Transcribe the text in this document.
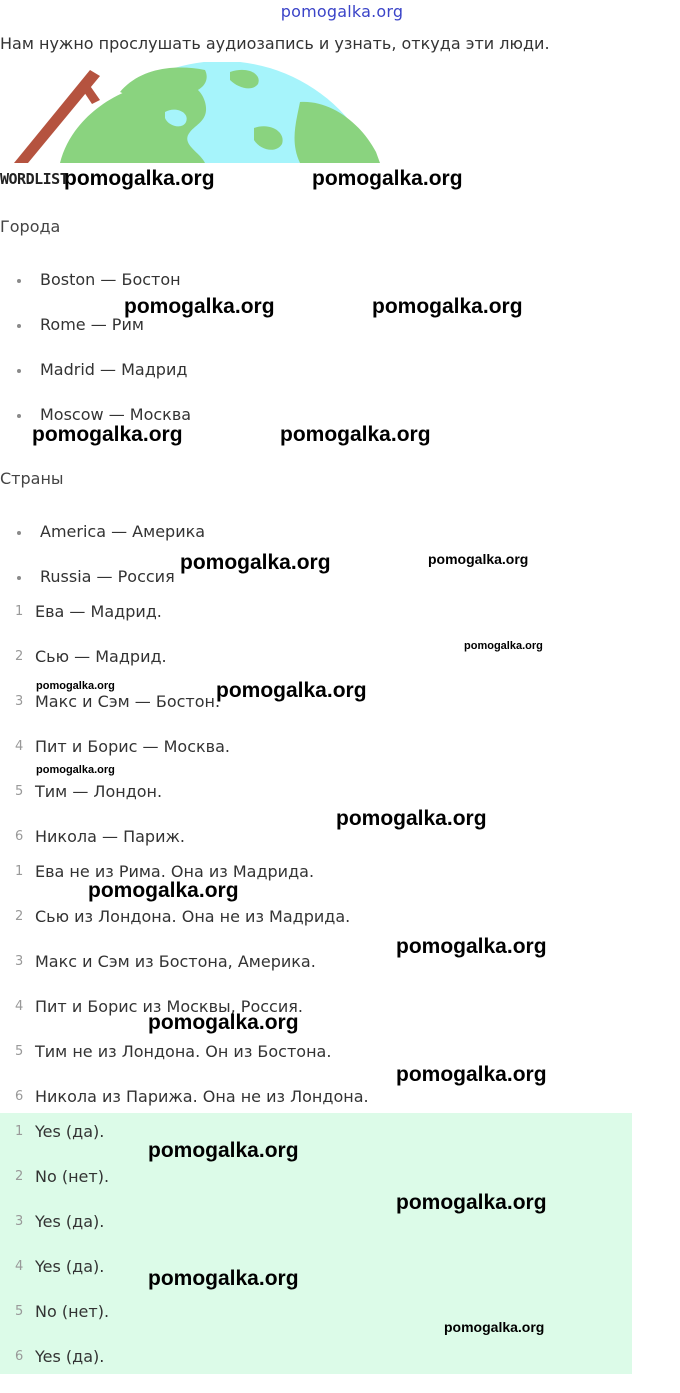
pomogalka.org
Нам нужно прослушать аудиозапись и узнать, откуда эти люди.
WORDLIST
Города
Boston — Бостон
Rome — Рим
Madrid — Мадрид
Moscow — Москва
Страны
America — Америка
Russia — Россия
1 Ева — Мадрид.
2 Сью — Мадрид.
3 Макс и Сэм — Бостон.
4 Пит и Борис — Москва.
5 Тим — Лондон.
6 Никола — Париж.
1 Ева не из Рима. Она из Мадрида.
2 Сью из Лондона. Она не из Мадрида.
3 Макс и Сэм из Бостона, Америка.
4 Пит и Борис из Москвы, Россия.
5 Тим не из Лондона. Он из Бостона.
6 Никола из Парижа. Она не из Лондона.
1 Yes (да).
2 No (нет).
3 Yes (да).
4 Yes (да).
5 No (нет).
6 Yes (да).
pomogalka.org	pomogalka.org
pomogalka.org	pomogalka.org
pomogalka.org	pomogalka.org
pomogalka.org	pomogalka.org
pomogalka.org
pomogalka.org	pomogalka.org
pomogalka.org
pomogalka.org
pomogalka.org
pomogalka.org
pomogalka.org
pomogalka.org
pomogalka.org
pomogalka.org
pomogalka.org
pomogalka.org
